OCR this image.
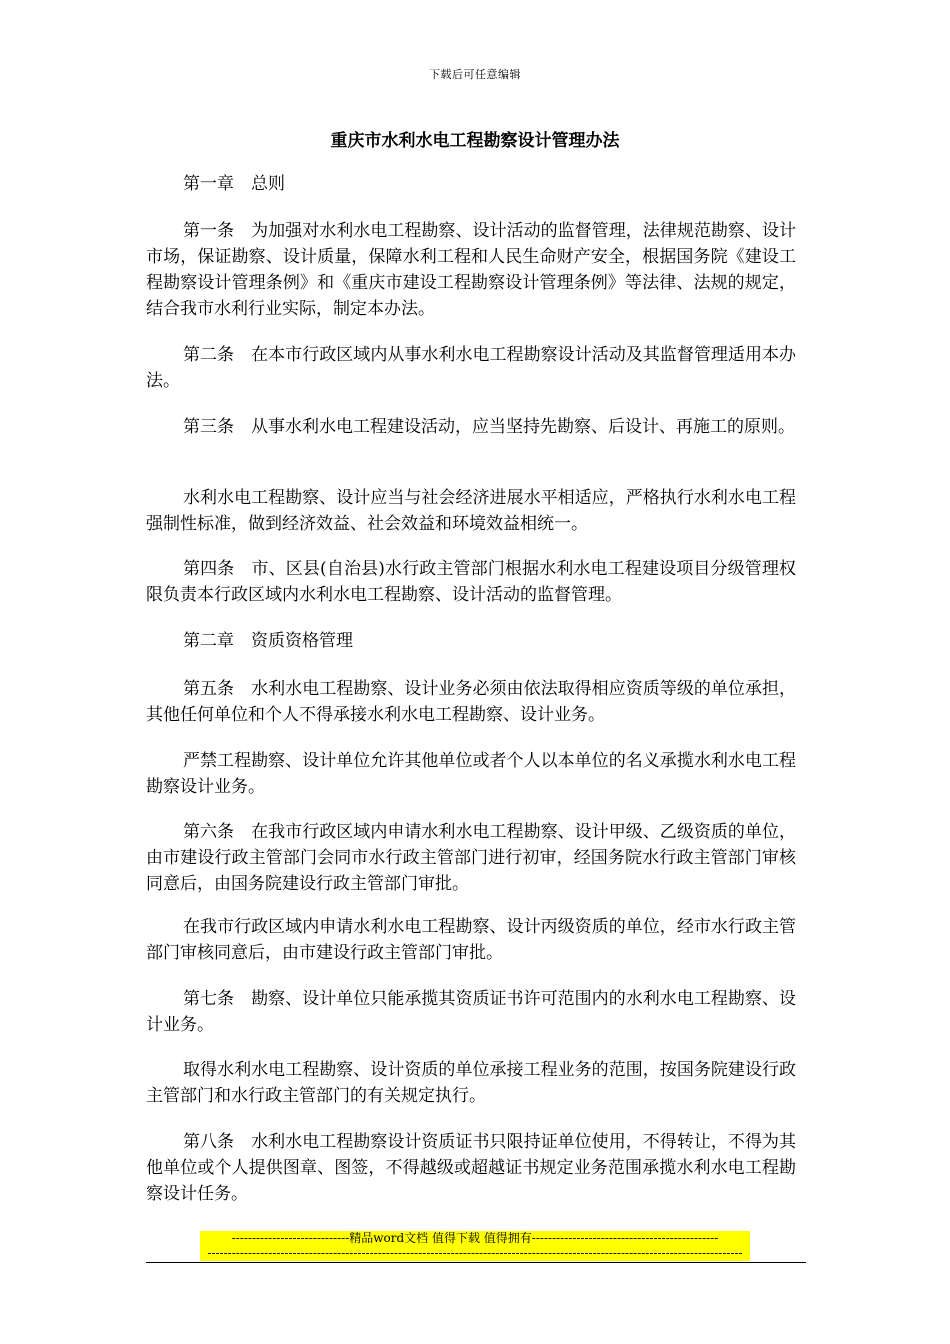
下载后可任意编辑
重庆市水利水电工程勘察设计管理办法

第一章　总则

第一条　为加强对水利水电工程勘察、设计活动的监督管理，法律规范勘察、设计市场，保证勘察、设计质量，保障水利工程和人民生命财产安全，根据国务院《建设工程勘察设计管理条例》和《重庆市建设工程勘察设计管理条例》等法律、法规的规定，结合我市水利行业实际，制定本办法。

第二条　在本市行政区域内从事水利水电工程勘察设计活动及其监督管理适用本办法。

第三条　从事水利水电工程建设活动，应当坚持先勘察、后设计、再施工的原则。

水利水电工程勘察、设计应当与社会经济进展水平相适应，严格执行水利水电工程强制性标准，做到经济效益、社会效益和环境效益相统一。

第四条　市、区县(自治县)水行政主管部门根据水利水电工程建设项目分级管理权限负责本行政区域内水利水电工程勘察、设计活动的监督管理。

第二章　资质资格管理

第五条　水利水电工程勘察、设计业务必须由依法取得相应资质等级的单位承担，其他任何单位和个人不得承接水利水电工程勘察、设计业务。

严禁工程勘察、设计单位允许其他单位或者个人以本单位的名义承揽水利水电工程勘察设计业务。

第六条　在我市行政区域内申请水利水电工程勘察、设计甲级、乙级资质的单位，由市建设行政主管部门会同市水行政主管部门进行初审，经国务院水行政主管部门审核同意后，由国务院建设行政主管部门审批。

在我市行政区域内申请水利水电工程勘察、设计丙级资质的单位，经市水行政主管部门审核同意后，由市建设行政主管部门审批。

第七条　勘察、设计单位只能承揽其资质证书许可范围内的水利水电工程勘察、设计业务。

取得水利水电工程勘察、设计资质的单位承接工程业务的范围，按国务院建设行政主管部门和水行政主管部门的有关规定执行。

第八条　水利水电工程勘察设计资质证书只限持证单位使用，不得转让，不得为其他单位或个人提供图章、图签，不得越级或超越证书规定业务范围承揽水利水电工程勘察设计任务。

-----------------------------精品word文档 值得下载 值得拥有----------------------------------------------
------------------------------------------------------------------------------------------------------------------------------------
